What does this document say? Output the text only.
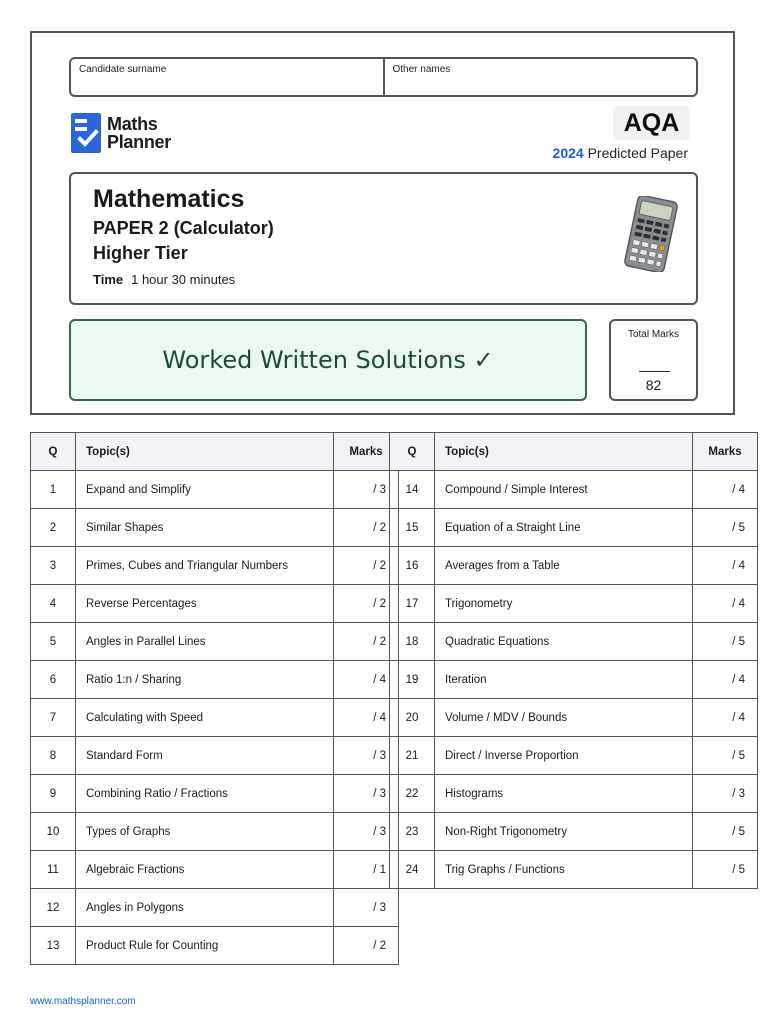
Candidate surname	Other names
Maths
Planner
AQA
2024 Predicted Paper
Mathematics
PAPER 2 (Calculator)
Higher Tier
Time 1 hour 30 minutes
Worked Written Solutions ✓
Total Marks
82
Q	Topic(s)	Marks
1	Expand and Simplify	/ 3
2	Similar Shapes	/ 2
3	Primes, Cubes and Triangular Numbers	/ 2
4	Reverse Percentages	/ 2
5	Angles in Parallel Lines	/ 2
6	Ratio 1:n / Sharing	/ 4
7	Calculating with Speed	/ 4
8	Standard Form	/ 3
9	Combining Ratio / Fractions	/ 3
10	Types of Graphs	/ 3
11	Algebraic Fractions	/ 1
12	Angles in Polygons	/ 3
13	Product Rule for Counting	/ 2
Q	Topic(s)	Marks
14	Compound / Simple Interest	/ 4
15	Equation of a Straight Line	/ 5
16	Averages from a Table	/ 4
17	Trigonometry	/ 4
18	Quadratic Equations	/ 5
19	Iteration	/ 4
20	Volume / MDV / Bounds	/ 4
21	Direct / Inverse Proportion	/ 5
22	Histograms	/ 3
23	Non-Right Trigonometry	/ 5
24	Trig Graphs / Functions	/ 5
www.mathsplanner.com
